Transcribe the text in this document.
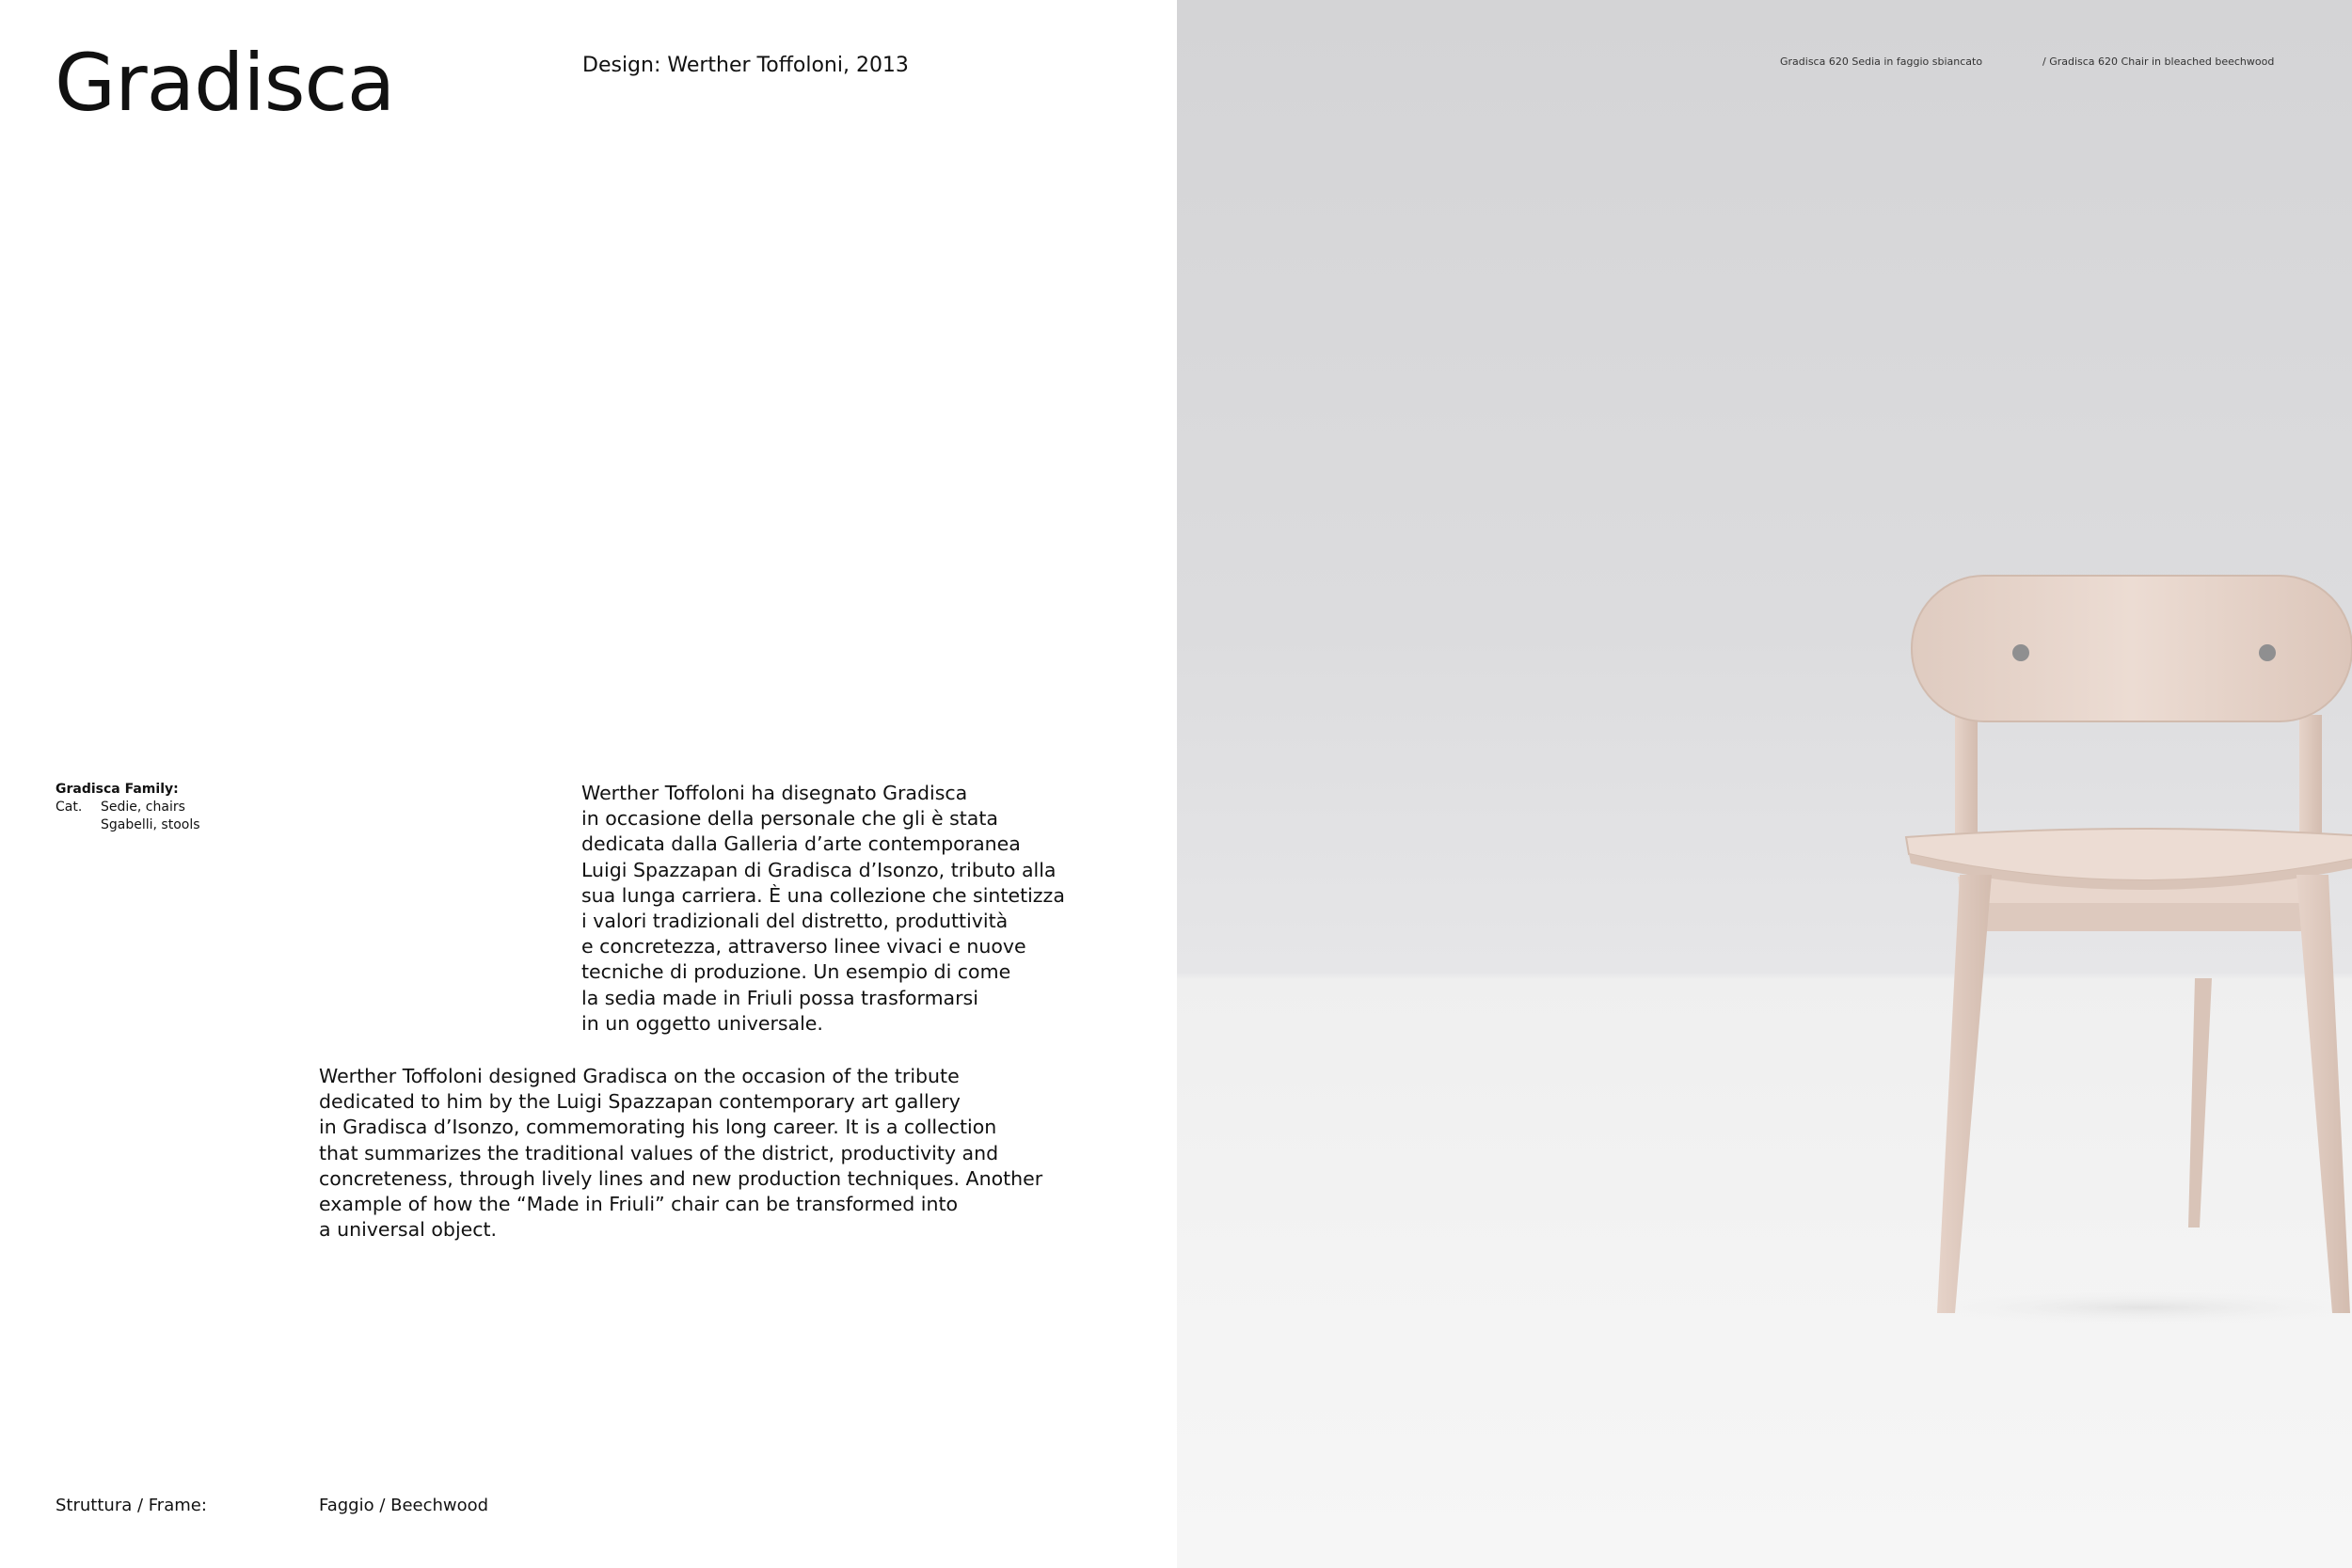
Gradisca	Design: Werther Toffoloni, 2013
Gradisca Family:
Cat.	Sedie, chairs
Sgabelli, stools

Werther Toffoloni ha disegnato Gradisca
in occasione della personale che gli è stata
dedicata dalla Galleria d’arte contemporanea
Luigi Spazzapan di Gradisca d’Isonzo, tributo alla
sua lunga carriera. È una collezione che sintetizza
i valori tradizionali del distretto, produttività
e concretezza, attraverso linee vivaci e nuove
tecniche di produzione. Un esempio di come
la sedia made in Friuli possa trasformarsi
in un oggetto universale.

Werther Toffoloni designed Gradisca on the occasion of the tribute
dedicated to him by the Luigi Spazzapan contemporary art gallery
in Gradisca d’Isonzo, commemorating his long career. It is a collection
that summarizes the traditional values of the district, productivity and
concreteness, through lively lines and new production techniques. Another
example of how the “Made in Friuli” chair can be transformed into
a universal object.

Struttura / Frame:	Faggio / Beechwood
Gradisca 620 Sedia in faggio sbiancato	/ Gradisca 620 Chair in bleached beechwood
